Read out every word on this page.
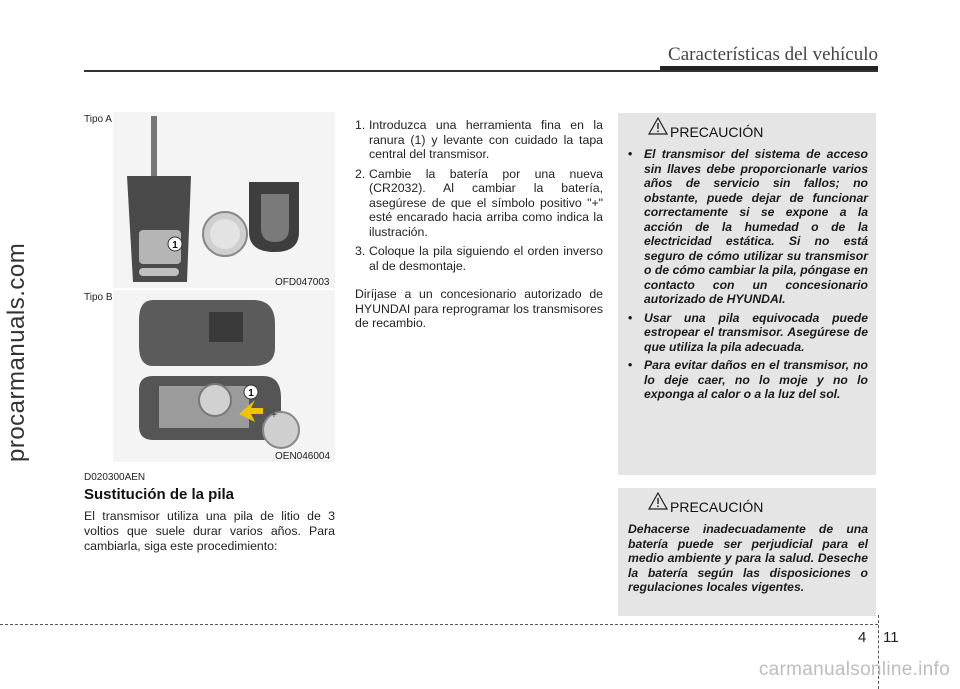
Características del vehículo
procarmanuals.com
Tipo A
1
OFD047003
Tipo B
1
+
OEN046004
D020300AEN
Sustitución de la pila
El transmisor utiliza una pila de litio de 3 voltios que suele durar varios años. Para cambiarla, siga este procedimiento:
1. Introduzca una herramienta fina en la ranura (1) y levante con cuidado la tapa central del transmisor.
2. Cambie la batería por una nueva (CR2032). Al cambiar la batería, asegúrese de que el símbolo positivo "+" esté encarado hacia arriba como indica la ilustración.
3. Coloque la pila siguiendo el orden inverso al de desmontaje.
Diríjase a un concesionario autorizado de HYUNDAI para reprogramar los transmisores de recambio.
PRECAUCIÓN
• El transmisor del sistema de acceso sin llaves debe proporcionarle varios años de servicio sin fallos; no obstante, puede dejar de funcionar correctamente si se expone a la acción de la humedad o de la electricidad estática. Si no está seguro de cómo utilizar su transmisor o de cómo cambiar la pila, póngase en contacto con un concesionario autorizado de HYUNDAI.
• Usar una pila equivocada puede estropear el transmisor. Asegúrese de que utiliza la pila adecuada.
• Para evitar daños en el transmisor, no lo deje caer, no lo moje y no lo exponga al calor o a la luz del sol.
PRECAUCIÓN
Dehacerse inadecuadamente de una batería puede ser perjudicial para el medio ambiente y para la salud. Deseche la batería según las disposiciones o regulaciones locales vigentes.
4 11
carmanualsonline.info
